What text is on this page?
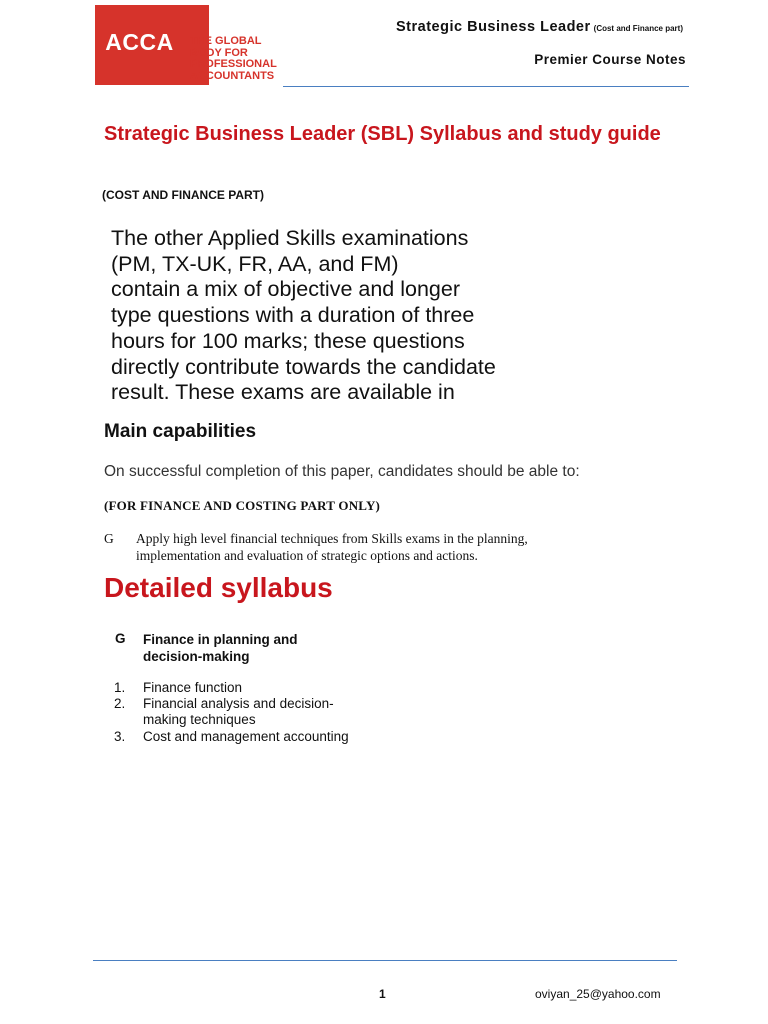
ACCA	THE GLOBAL
BODY FOR
PROFESSIONAL
ACCOUNTANTS
Strategic Business Leader (Cost and Finance part)
Premier Course Notes
Strategic Business Leader (SBL) Syllabus and study guide
(COST AND FINANCE PART)
The other Applied Skills examinations
(PM, TX-UK, FR, AA, and FM)
contain a mix of objective and longer
type questions with a duration of three
hours for 100 marks; these questions
directly contribute towards the candidate
result. These exams are available in
Main capabilities
On successful completion of this paper, candidates should be able to:
(FOR FINANCE AND COSTING PART ONLY)
G Apply high level financial techniques from Skills exams in the planning,
implementation and evaluation of strategic options and actions.
Detailed syllabus
G Finance in planning and
decision-making
1.	Finance function
2.	Financial analysis and decision-
making techniques
3.	Cost and management accounting
1	oviyan_25@yahoo.com
